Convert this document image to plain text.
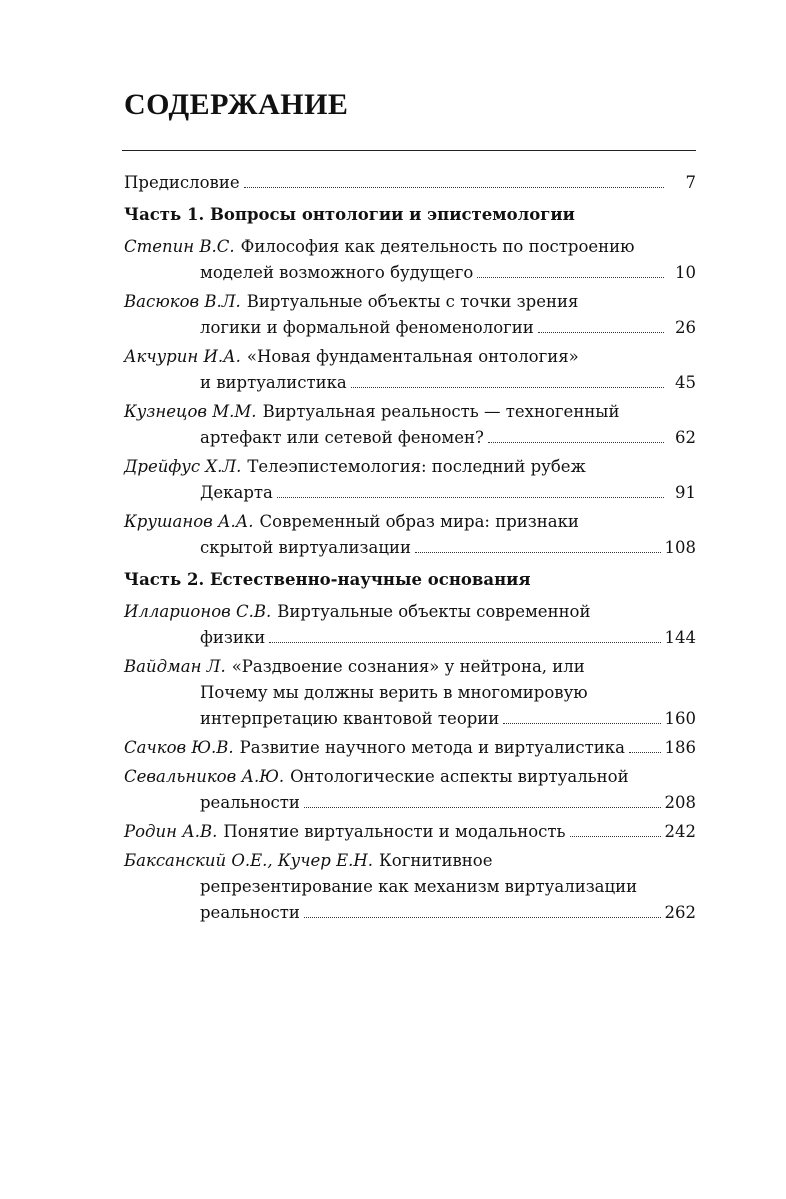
СОДЕРЖАНИЕ
Предисловие	7
Часть 1. Вопросы онтологии и эпистемологии
Степин В.С. Философия как деятельность по построению
моделей возможного будущего	10
Васюков В.Л. Виртуальные объекты с точки зрения
логики и формальной феноменологии	26
Акчурин И.А. «Новая фундаментальная онтология»
и виртуалистика	45
Кузнецов М.М. Виртуальная реальность — техногенный
артефакт или сетевой феномен?	62
Дрейфус Х.Л. Телеэпистемология: последний рубеж
Декарта	91
Крушанов А.А. Современный образ мира: признаки
скрытой виртуализации	108
Часть 2. Естественно-научные основания
Илларионов С.В. Виртуальные объекты современной
физики	144
Вайдман Л. «Раздвоение сознания» у нейтрона, или
Почему мы должны верить в многомировую
интерпретацию квантовой теории	160
Сачков Ю.В. Развитие научного метода и виртуалистика 186
Севальников А.Ю. Онтологические аспекты виртуальной
реальности	208
Родин А.В. Понятие виртуальности и модальность	242
Баксанский О.Е., Кучер Е.Н. Когнитивное
репрезентирование как механизм виртуализации
реальности	262
